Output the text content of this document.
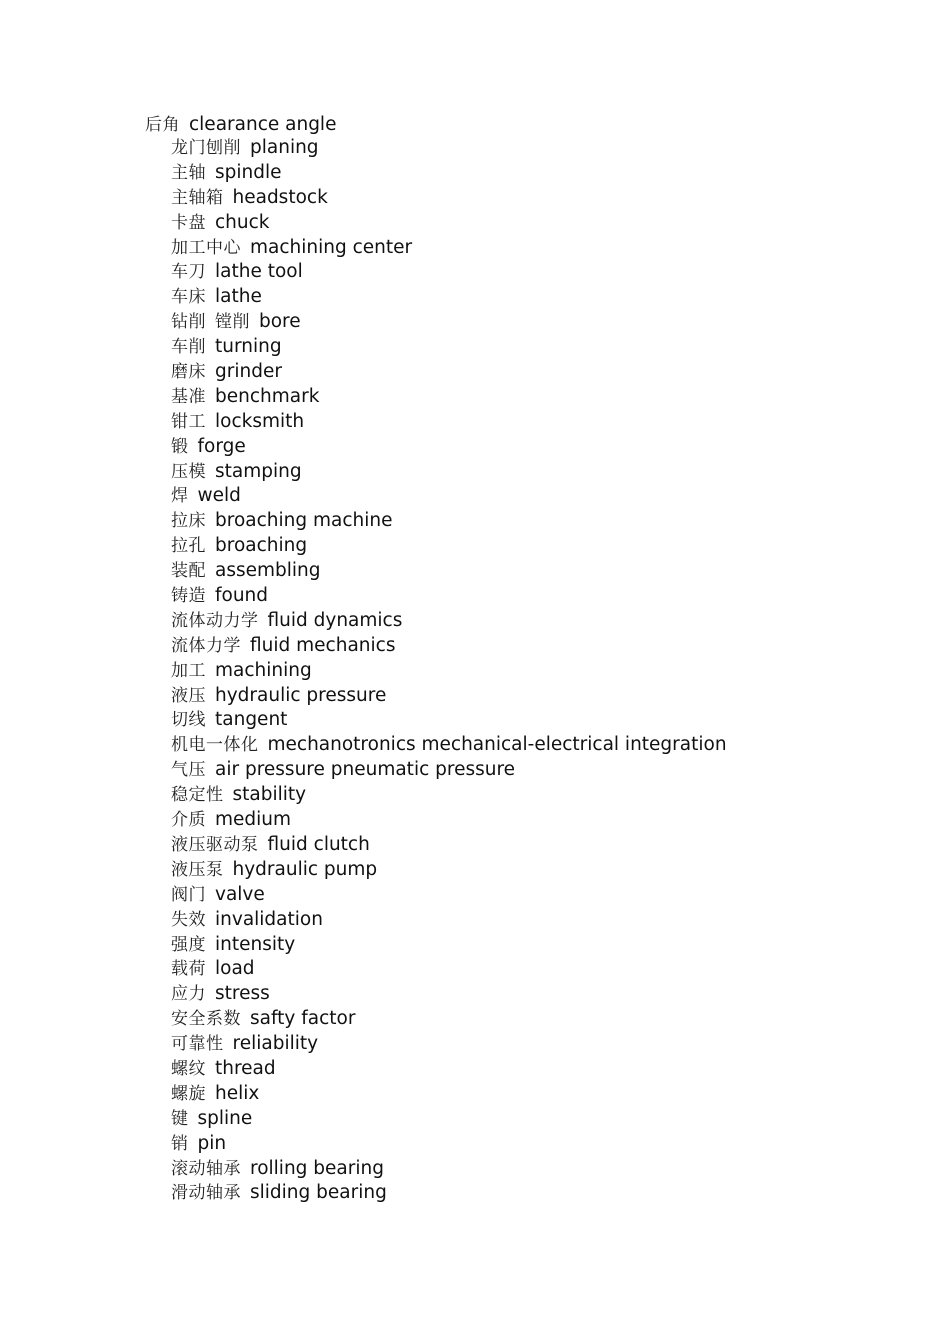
后角 clearance angle
龙门刨削 planing
主轴 spindle
主轴箱 headstock
卡盘 chuck
加工中心 machining center
车刀 lathe tool
车床 lathe
钻削 镗削 bore
车削 turning
磨床 grinder
基准 benchmark
钳工 locksmith
锻 forge
压模 stamping
焊 weld
拉床 broaching machine
拉孔 broaching
装配 assembling
铸造 found
流体动力学 fluid dynamics
流体力学 fluid mechanics
加工 machining
液压 hydraulic pressure
切线 tangent
机电一体化 mechanotronics mechanical-electrical integration
气压 air pressure pneumatic pressure
稳定性 stability
介质 medium
液压驱动泵 fluid clutch
液压泵 hydraulic pump
阀门 valve
失效 invalidation
强度 intensity
载荷 load
应力 stress
安全系数 safty factor
可靠性 reliability
螺纹 thread
螺旋 helix
键 spline
销 pin
滚动轴承 rolling bearing
滑动轴承 sliding bearing
